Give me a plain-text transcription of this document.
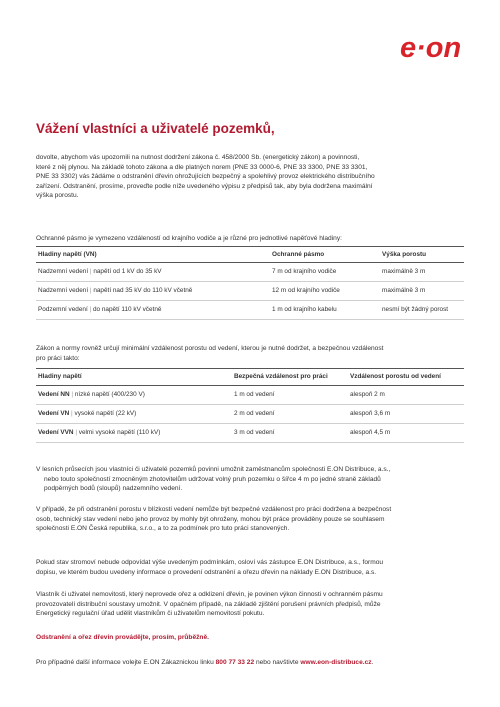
e·on
Vážení vlastníci a uživatelé pozemků,
dovolte, abychom vás upozornili na nutnost dodržení zákona č. 458/2000 Sb. (energetický zákon) a povinnosti,
které z něj plynou. Na základě tohoto zákona a dle platných norem (PNE 33 0000-6, PNE 33 3300, PNE 33 3301,
PNE 33 3302) vás žádáme o odstranění dřevin ohrožujících bezpečný a spolehlivý provoz elektrického distribučního
zařízení. Odstranění, prosíme, proveďte podle níže uvedeného výpisu z předpisů tak, aby byla dodržena maximální
výška porostu.
Ochranné pásmo je vymezeno vzdáleností od krajního vodiče a je různé pro jednotlivé napěťové hladiny:
Hladiny napětí (VN)	Ochranné pásmo	Výška porostu
Nadzemní vedení | napětí od 1 kV do 35 kV	7 m od krajního vodiče	maximálně 3 m
Nadzemní vedení | napětí nad 35 kV do 110 kV včetně	12 m od krajního vodiče	maximálně 3 m
Podzemní vedení | do napětí 110 kV včetně	1 m od krajního kabelu	nesmí být žádný porost
Zákon a normy rovněž určují minimální vzdálenost porostu od vedení, kterou je nutné dodržet, a bezpečnou vzdálenost
pro práci takto:
Hladiny napětí	Bezpečná vzdálenost pro práci	Vzdálenost porostu od vedení
Vedení NN | nízké napětí (400/230 V)	1 m od vedení	alespoň 2 m
Vedení VN | vysoké napětí (22 kV)	2 m od vedení	alespoň 3,6 m
Vedení VVN | velmi vysoké napětí (110 kV)	3 m od vedení	alespoň 4,5 m
V lesních průsecích jsou vlastníci či uživatelé pozemků povinni umožnit zaměstnancům společnosti E.ON Distribuce, a.s.,
nebo touto společností zmocněným zhotovitelům udržovat volný pruh pozemku o šířce 4 m po jedné straně základů
podpěrných bodů (sloupů) nadzemního vedení.
V případě, že při odstranění porostu v blízkosti vedení nemůže být bezpečné vzdálenost pro práci dodržena a bezpečnost
osob, technický stav vedení nebo jeho provoz by mohly být ohroženy, mohou být práce prováděny pouze se souhlasem
společnosti E.ON Česká republika, s.r.o., a to za podmínek pro tuto práci stanovených.
Pokud stav stromoví nebude odpovídat výše uvedeným podmínkám, osloví vás zástupce E.ON Distribuce, a.s., formou
dopisu, ve kterém budou uvedeny informace o provedení odstranění a ořezu dřevin na náklady E.ON Distribuce, a.s.
Vlastník či uživatel nemovitosti, který neprovede ořez a odklizení dřevin, je povinen výkon činnosti v ochranném pásmu
provozovatelí distribuční soustavy umožnit. V opačném případě, na základě zjištění porušení právních předpisů, může
Energetický regulační úřad udělit vlastníkům či uživatelům nemovitostí pokutu.
Odstranění a ořez dřevin provádějte, prosím, průběžně.
Pro případné další informace volejte E.ON Zákaznickou linku 800 77 33 22 nebo navštivte www.eon-distribuce.cz.
